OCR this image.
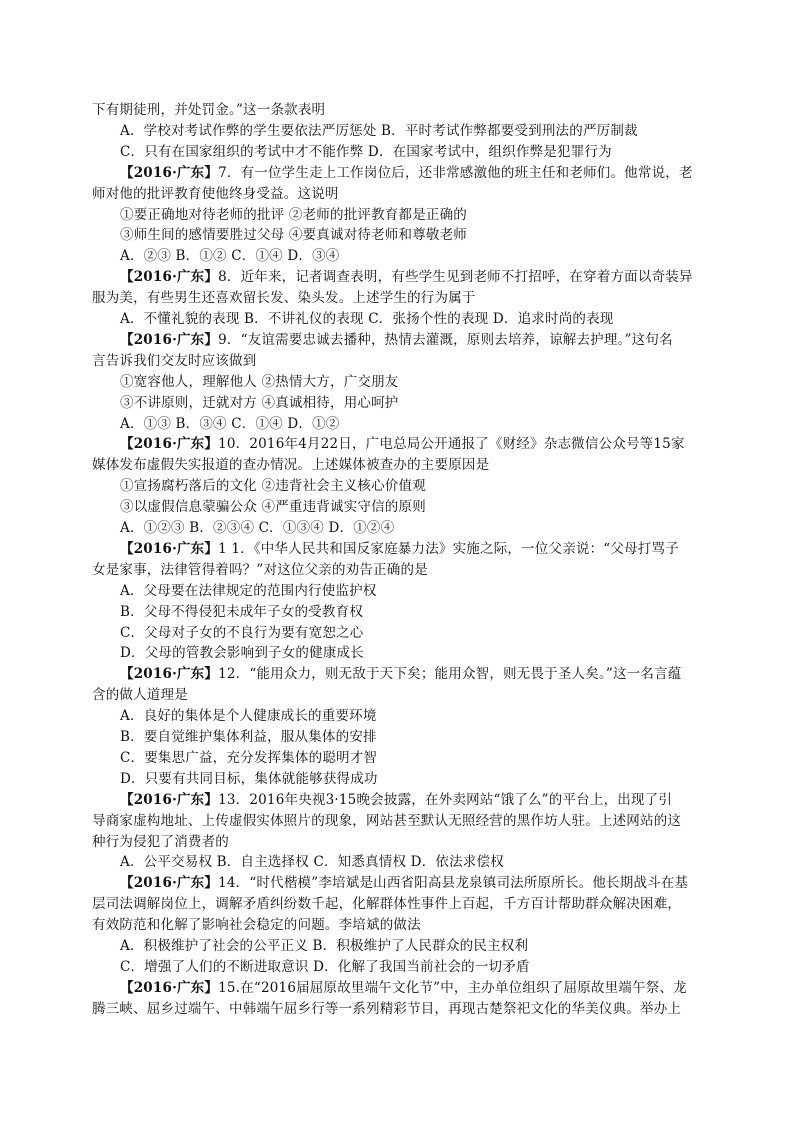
下有期徒刑，并处罚金。”这一条款表明
A．学校对考试作弊的学生要依法严厉惩处 B．平时考试作弊都要受到刑法的严厉制裁
C．只有在国家组织的考试中才不能作弊 D．在国家考试中，组织作弊是犯罪行为
【2016·广东】7．有一位学生走上工作岗位后，还非常感激他的班主任和老师们。他常说，老
师对他的批评教育使他终身受益。这说明
①要正确地对待老师的批评 ②老师的批评教育都是正确的
③师生间的感情要胜过父母 ④要真诚对待老师和尊敬老师
A．②③ B．①② C．①④ D．③④
【2016·广东】8．近年来，记者调查表明，有些学生见到老师不打招呼，在穿着方面以奇装异
服为美，有些男生还喜欢留长发、染头发。上述学生的行为属于
A．不懂礼貌的表现 B．不讲礼仪的表现 C．张扬个性的表现 D．追求时尚的表现
【2016·广东】9．“友谊需要忠诚去播种，热情去灌溉，原则去培养，谅解去护理。”这句名
言告诉我们交友时应该做到
①宽容他人，理解他人 ②热情大方，广交朋友
③不讲原则，迁就对方 ④真诚相待，用心呵护
A．①③ B．③④ C．①④ D．①②
【2016·广东】10．2016年4月22日，广电总局公开通报了《财经》杂志微信公众号等15家
媒体发布虚假失实报道的查办情况。上述媒体被查办的主要原因是
①宣扬腐朽落后的文化 ②违背社会主义核心价值观
③以虚假信息蒙骗公众 ④严重违背诚实守信的原则
A．①②③ B．②③④ C．①③④ D．①②④
【2016·广东】1 1．《中华人民共和国反家庭暴力法》实施之际，一位父亲说：“父母打骂子
女是家事，法律管得着吗？”对这位父亲的劝告正确的是
A．父母要在法律规定的范围内行使监护权
B．父母不得侵犯未成年子女的受教育权
C．父母对子女的不良行为要有宽恕之心
D．父母的管教会影响到子女的健康成长
【2016·广东】12．“能用众力，则无敌于天下矣；能用众智，则无畏于圣人矣。”这一名言蕴
含的做人道理是
A．良好的集体是个人健康成长的重要环境
B．要自觉维护集体利益，服从集体的安排
C．要集思广益，充分发挥集体的聪明才智
D．只要有共同目标，集体就能够获得成功
【2016·广东】13．2016年央视3·15晚会披露，在外卖网站“饿了么”的平台上，出现了引
导商家虚构地址、上传虚假实体照片的现象，网站甚至默认无照经营的黑作坊人驻。上述网站的这
种行为侵犯了消费者的
A．公平交易权 B．自主选择权 C．知悉真情权 D．依法求偿权
【2016·广东】14．“时代楷模”李培斌是山西省阳高县龙泉镇司法所原所长。他长期战斗在基
层司法调解岗位上，调解矛盾纠纷数千起，化解群体性事件上百起，千方百计帮助群众解决困难，
有效防范和化解了影响社会稳定的问题。李培斌的做法
A．积极维护了社会的公平正义 B．积极维护了人民群众的民主权利
C．增强了人们的不断进取意识 D．化解了我国当前社会的一切矛盾
【2016·广东】15.在“2016届屈原故里端午文化节”中，主办单位组织了屈原故里端午祭、龙
腾三峡、屈乡过端午、中韩端午屈乡行等一系列精彩节目，再现古楚祭祀文化的华美仪典。举办上
